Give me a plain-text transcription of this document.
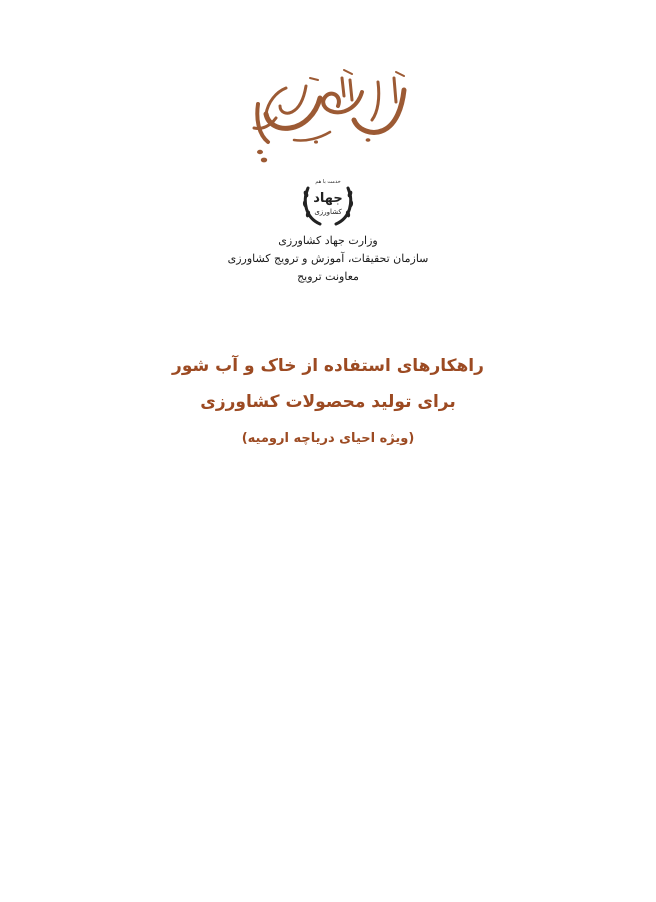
خدمت با هم
جهاد
کشاورزی
وزارت جهاد کشاورزی
سازمان تحقیقات، آموزش و ترویج کشاورزی
معاونت ترویج
راهکارهای استفاده از خاک و آب شور
برای تولید محصولات کشاورزی
(ویژه احیای دریاچه ارومیه)
